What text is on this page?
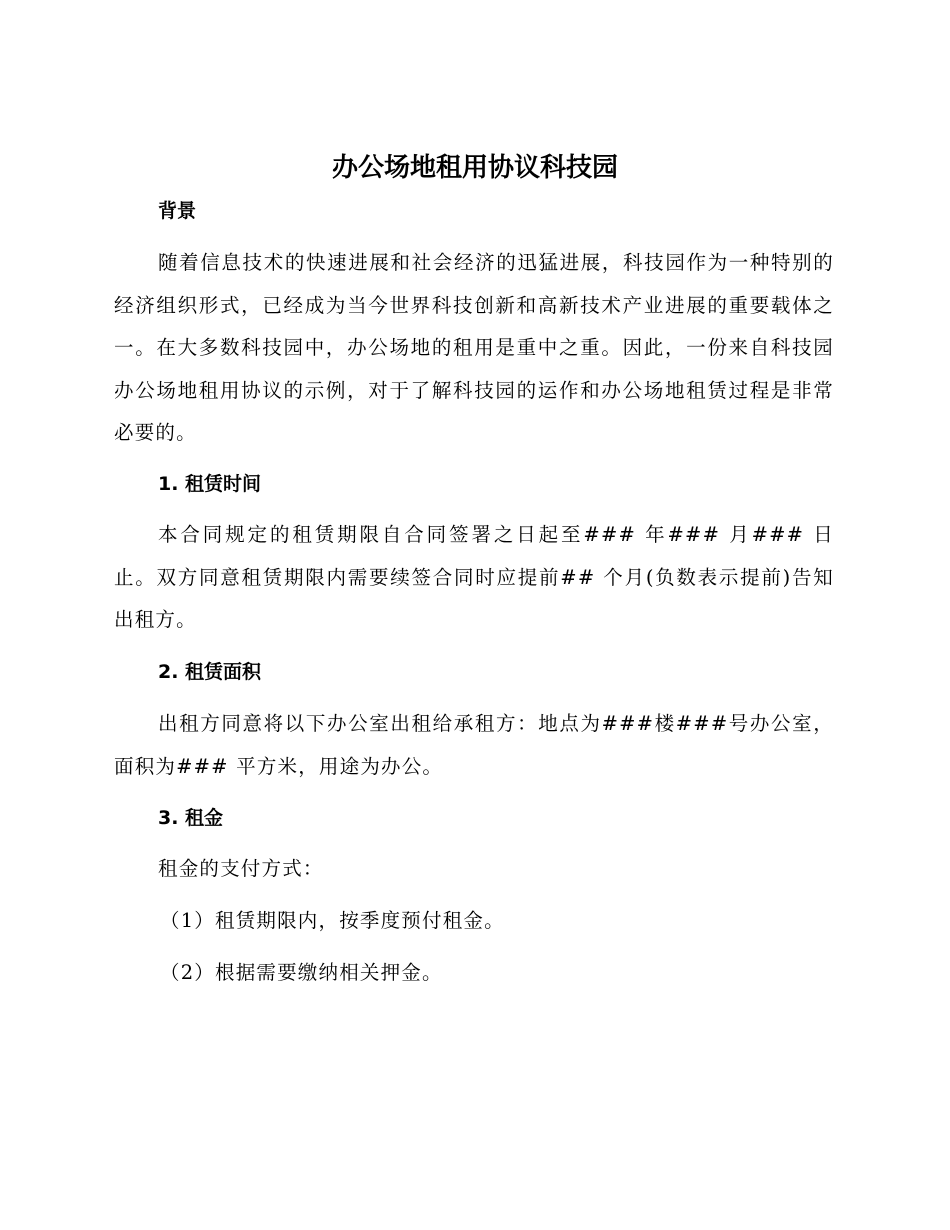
办公场地租用协议科技园
背景

随着信息技术的快速进展和社会经济的迅猛进展，科技园作为一种特别的经济组织形式，已经成为当今世界科技创新和高新技术产业进展的重要载体之一。在大多数科技园中，办公场地的租用是重中之重。因此，一份来自科技园办公场地租用协议的示例，对于了解科技园的运作和办公场地租赁过程是非常必要的。

1. 租赁时间

本合同规定的租赁期限自合同签署之日起至### 年### 月### 日止。双方同意租赁期限内需要续签合同时应提前## 个月(负数表示提前)告知出租方。

2. 租赁面积

出租方同意将以下办公室出租给承租方：地点为###楼###号办公室，面积为### 平方米，用途为办公。

3. 租金
租金的支付方式：
（1）租赁期限内，按季度预付租金。
（2）根据需要缴纳相关押金。
